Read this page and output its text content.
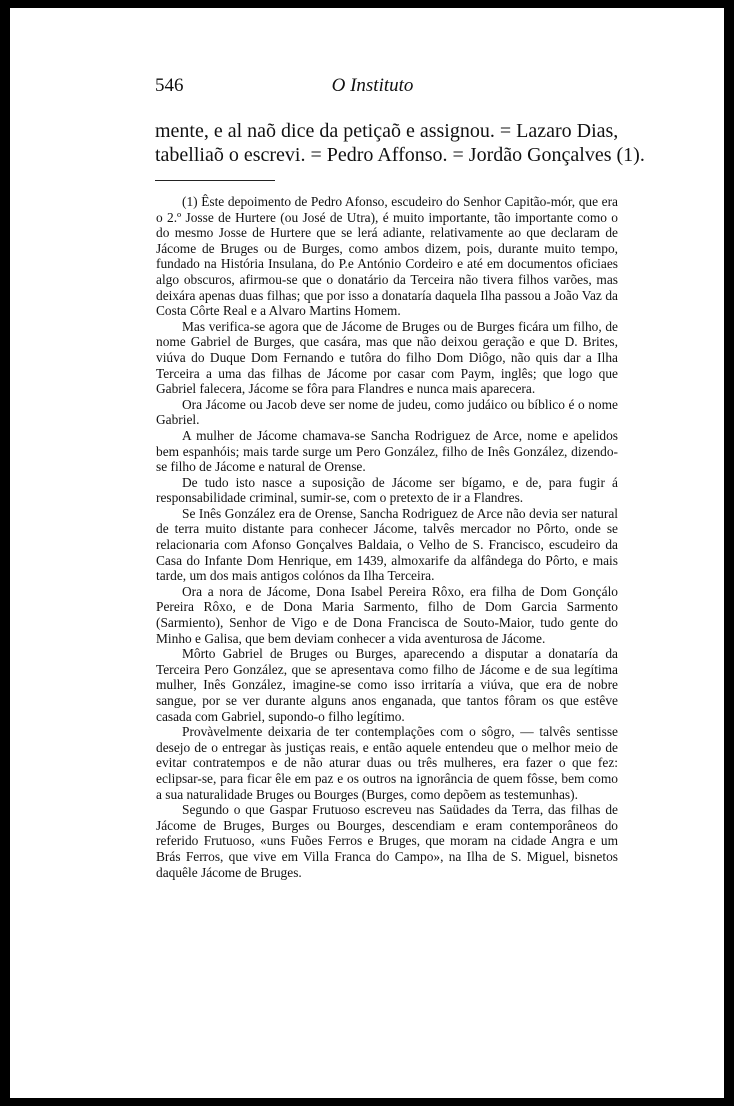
546	O Instituto
mente, e al naõ dice da petiçaõ e assignou. = Lazaro Dias,
tabelliaõ o escrevi. = Pedro Affonso. = Jordão Gonçalves (1).

(1) Êste depoimento de Pedro Afonso, escudeiro do Senhor Capitão-mór, que era o 2.º Josse de Hurtere (ou José de Utra), é muito importante, tão importante como o do mesmo Josse de Hurtere que se lerá adiante, relativamente ao que declaram de Jácome de Bruges ou de Burges, como ambos dizem, pois, durante muito tempo, fundado na História Insulana, do P.e António Cordeiro e até em documentos oficiaes algo obscuros, afirmou-se que o donatário da Terceira não tivera filhos varões, mas deixára apenas duas filhas; que por isso a donataría daquela Ilha passou a João Vaz da Costa Côrte Real e a Alvaro Martins Homem.

Mas verifica-se agora que de Jácome de Bruges ou de Burges ficára um filho, de nome Gabriel de Burges, que casára, mas que não deixou geração e que D. Brites, viúva do Duque Dom Fernando e tutôra do filho Dom Diôgo, não quis dar a Ilha Terceira a uma das filhas de Jácome por casar com Paym, inglês; que logo que Gabriel falecera, Jácome se fôra para Flandres e nunca mais aparecera.

Ora Jácome ou Jacob deve ser nome de judeu, como judáico ou bíblico é o nome Gabriel.

A mulher de Jácome chamava-se Sancha Rodriguez de Arce, nome e apelidos bem espanhóis; mais tarde surge um Pero González, filho de Inês González, dizendo-se filho de Jácome e natural de Orense.

De tudo isto nasce a suposição de Jácome ser bígamo, e de, para fugir á responsabilidade criminal, sumir-se, com o pretexto de ir a Flandres.

Se Inês González era de Orense, Sancha Rodriguez de Arce não devia ser natural de terra muito distante para conhecer Jácome, talvês mercador no Pôrto, onde se relacionaria com Afonso Gonçalves Baldaia, o Velho de S. Francisco, escudeiro da Casa do Infante Dom Henrique, em 1439, almoxarife da alfândega do Pôrto, e mais tarde, um dos mais antigos colónos da Ilha Terceira.

Ora a nora de Jácome, Dona Isabel Pereira Rôxo, era filha de Dom Gonçálo Pereira Rôxo, e de Dona Maria Sarmento, filho de Dom Garcia Sarmento (Sarmiento), Senhor de Vigo e de Dona Francisca de Souto-Maior, tudo gente do Minho e Galisa, que bem deviam conhecer a vida aventurosa de Jácome.

Môrto Gabriel de Bruges ou Burges, aparecendo a disputar a donataría da Terceira Pero González, que se apresentava como filho de Jácome e de sua legítima mulher, Inês González, imagine-se como isso irritaría a viúva, que era de nobre sangue, por se ver durante alguns anos enganada, que tantos fôram os que estêve casada com Gabriel, supondo-o filho legítimo.

Provàvelmente deixaria de ter contemplações com o sôgro, — talvês sentisse desejo de o entregar às justiças reais, e então aquele entendeu que o melhor meio de evitar contratempos e de não aturar duas ou três mulheres, era fazer o que fez: eclipsar-se, para ficar êle em paz e os outros na ignorância de quem fôsse, bem como a sua naturalidade Bruges ou Bourges (Burges, como depõem as testemunhas).

Segundo o que Gaspar Frutuoso escreveu nas Saüdades da Terra, das filhas de Jácome de Bruges, Burges ou Bourges, descendiam e eram contemporâneos do referido Frutuoso, «uns Fuões Ferros e Bruges, que moram na cidade Angra e um Brás Ferros, que vive em Villa Franca do Campo», na Ilha de S. Miguel, bisnetos daquêle Jácome de Bruges.
